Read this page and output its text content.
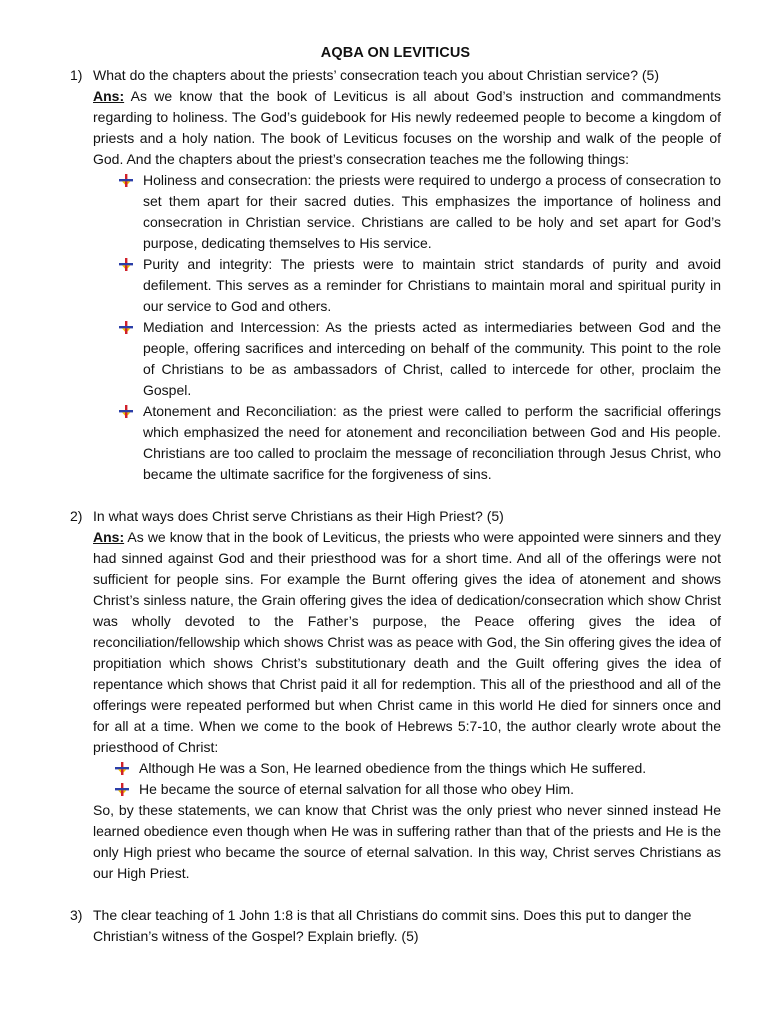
AQBA ON LEVITICUS
1) What do the chapters about the priests’ consecration teach you about Christian service? (5)

Ans: As we know that the book of Leviticus is all about God’s instruction and commandments regarding to holiness. The God’s guidebook for His newly redeemed people to become a kingdom of priests and a holy nation. The book of Leviticus focuses on the worship and walk of the people of God. And the chapters about the priest’s consecration teaches me the following things:

Holiness and consecration: the priests were required to undergo a process of consecration to set them apart for their sacred duties. This emphasizes the importance of holiness and consecration in Christian service. Christians are called to be holy and set apart for God’s purpose, dedicating themselves to His service.
Purity and integrity: The priests were to maintain strict standards of purity and avoid defilement. This serves as a reminder for Christians to maintain moral and spiritual purity in our service to God and others.
Mediation and Intercession: As the priests acted as intermediaries between God and the people, offering sacrifices and interceding on behalf of the community. This point to the role of Christians to be as ambassadors of Christ, called to intercede for other, proclaim the Gospel.
Atonement and Reconciliation: as the priest were called to perform the sacrificial offerings which emphasized the need for atonement and reconciliation between God and His people. Christians are too called to proclaim the message of reconciliation through Jesus Christ, who became the ultimate sacrifice for the forgiveness of sins.
2) In what ways does Christ serve Christians as their High Priest? (5)

Ans: As we know that in the book of Leviticus, the priests who were appointed were sinners and they had sinned against God and their priesthood was for a short time. And all of the offerings were not sufficient for people sins. For example the Burnt offering gives the idea of atonement and shows Christ’s sinless nature, the Grain offering gives the idea of dedication/consecration which show Christ was wholly devoted to the Father’s purpose, the Peace offering gives the idea of reconciliation/fellowship which shows Christ was as peace with God, the Sin offering gives the idea of propitiation which shows Christ’s substitutionary death and the Guilt offering gives the idea of repentance which shows that Christ paid it all for redemption. This all of the priesthood and all of the offerings were repeated performed but when Christ came in this world He died for sinners once and for all at a time. When we come to the book of Hebrews 5:7-10, the author clearly wrote about the priesthood of Christ:

Although He was a Son, He learned obedience from the things which He suffered.
He became the source of eternal salvation for all those who obey Him.

So, by these statements, we can know that Christ was the only priest who never sinned instead He learned obedience even though when He was in suffering rather than that of the priests and He is the only High priest who became the source of eternal salvation. In this way, Christ serves Christians as our High Priest.

3) The clear teaching of 1 John 1:8 is that all Christians do commit sins. Does this put to danger the Christian’s witness of the Gospel? Explain briefly. (5)
